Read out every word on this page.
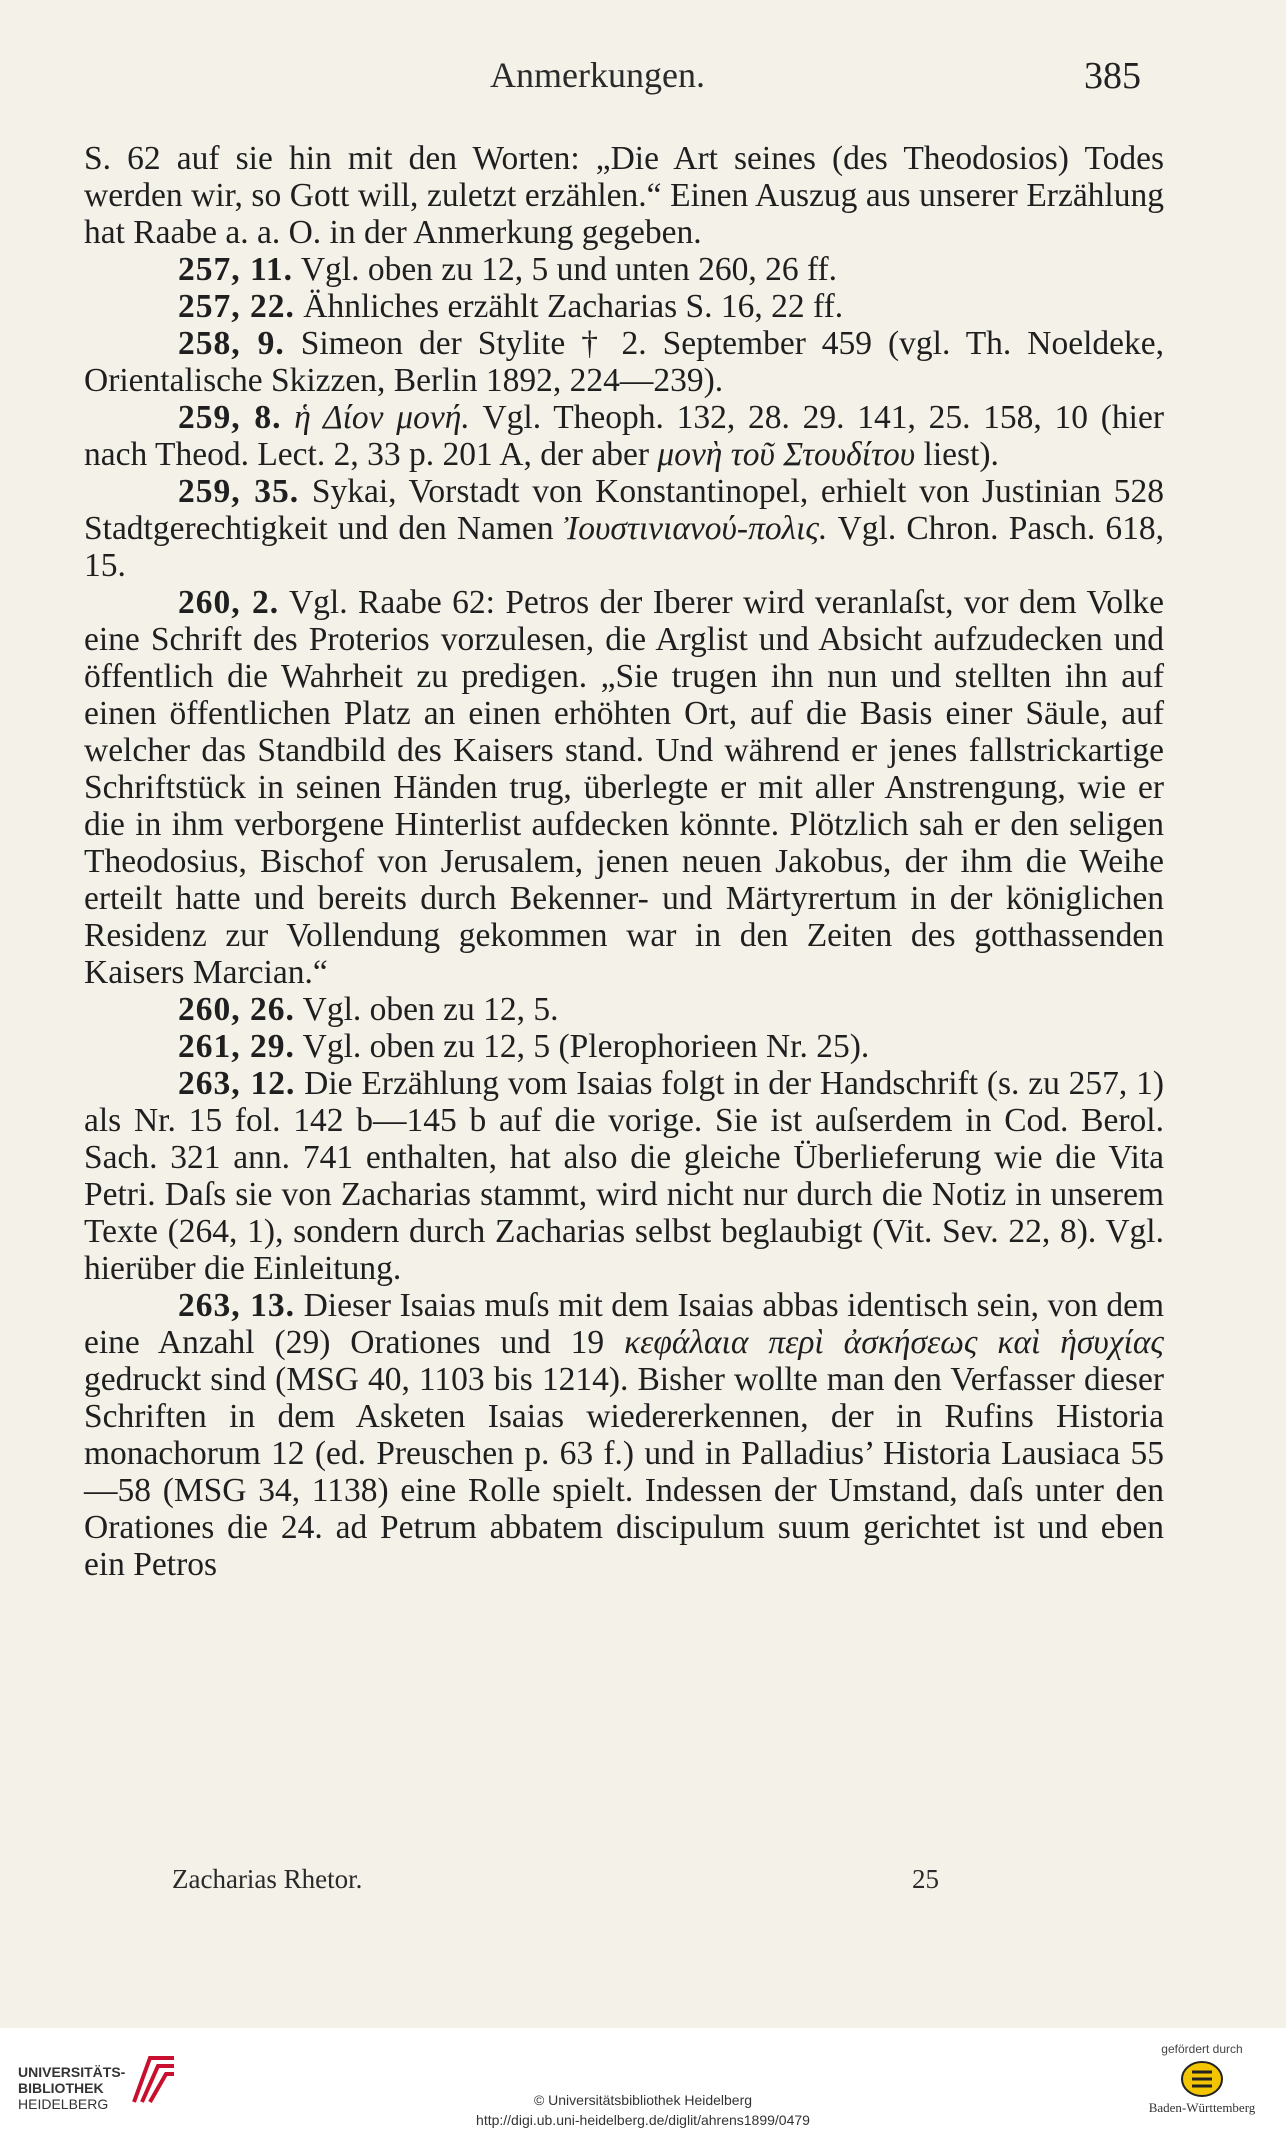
Anmerkungen.	385

S. 62 auf sie hin mit den Worten: „Die Art seines (des Theodosios) Todes werden wir, so Gott will, zuletzt erzählen.“ Einen Auszug aus unserer Erzählung hat Raabe a. a. O. in der Anmerkung gegeben.

257, 11. Vgl. oben zu 12, 5 und unten 260, 26 ff.

257, 22. Ähnliches erzählt Zacharias S. 16, 22 ff.

258, 9. Simeon der Stylite † 2. September 459 (vgl. Th. Noeldeke, Orientalische Skizzen, Berlin 1892, 224—239).

259, 8. ἡ Δίον μονή. Vgl. Theoph. 132, 28. 29. 141, 25. 158, 10 (hier nach Theod. Lect. 2, 33 p. 201 A, der aber μονὴ τοῦ Στουδίτου liest).

259, 35. Sykai, Vorstadt von Konstantinopel, erhielt von Justinian 528 Stadtgerechtigkeit und den Namen Ἰουστινιανού-πολις. Vgl. Chron. Pasch. 618, 15.

260, 2. Vgl. Raabe 62: Petros der Iberer wird veranlaſst, vor dem Volke eine Schrift des Proterios vorzulesen, die Arglist und Absicht aufzudecken und öffentlich die Wahrheit zu predigen. „Sie trugen ihn nun und stellten ihn auf einen öffentlichen Platz an einen erhöhten Ort, auf die Basis einer Säule, auf welcher das Standbild des Kaisers stand. Und während er jenes fallstrickartige Schriftstück in seinen Händen trug, überlegte er mit aller Anstrengung, wie er die in ihm verborgene Hinterlist aufdecken könnte. Plötzlich sah er den seligen Theodosius, Bischof von Jerusalem, jenen neuen Jakobus, der ihm die Weihe erteilt hatte und bereits durch Bekenner- und Märtyrertum in der königlichen Residenz zur Vollendung gekommen war in den Zeiten des gotthassenden Kaisers Marcian.“

260, 26. Vgl. oben zu 12, 5.

261, 29. Vgl. oben zu 12, 5 (Plerophorieen Nr. 25).

263, 12. Die Erzählung vom Isaias folgt in der Handschrift (s. zu 257, 1) als Nr. 15 fol. 142 b—145 b auf die vorige. Sie ist auſserdem in Cod. Berol. Sach. 321 ann. 741 enthalten, hat also die gleiche Überlieferung wie die Vita Petri. Daſs sie von Zacharias stammt, wird nicht nur durch die Notiz in unserem Texte (264, 1), sondern durch Zacharias selbst beglaubigt (Vit. Sev. 22, 8). Vgl. hierüber die Einleitung.

263, 13. Dieser Isaias muſs mit dem Isaias abbas identisch sein, von dem eine Anzahl (29) Orationes und 19 κεφάλαια περὶ ἀσκήσεως καὶ ἡσυχίας gedruckt sind (MSG 40, 1103 bis 1214). Bisher wollte man den Verfasser dieser Schriften in dem Asketen Isaias wiedererkennen, der in Rufins Historia monachorum 12 (ed. Preuschen p. 63 f.) und in Palladius’ Historia Lausiaca 55—58 (MSG 34, 1138) eine Rolle spielt. Indessen der Umstand, daſs unter den Orationes die 24. ad Petrum abbatem discipulum suum gerichtet ist und eben ein Petros

Zacharias Rhetor.	25
UNIVERSITÄTS-
BIBLIOTHEK
HEIDELBERG	© Universitätsbibliothek Heidelberg
http://digi.ub.uni-heidelberg.de/diglit/ahrens1899/0479
gefördert durch
Baden-Württemberg
